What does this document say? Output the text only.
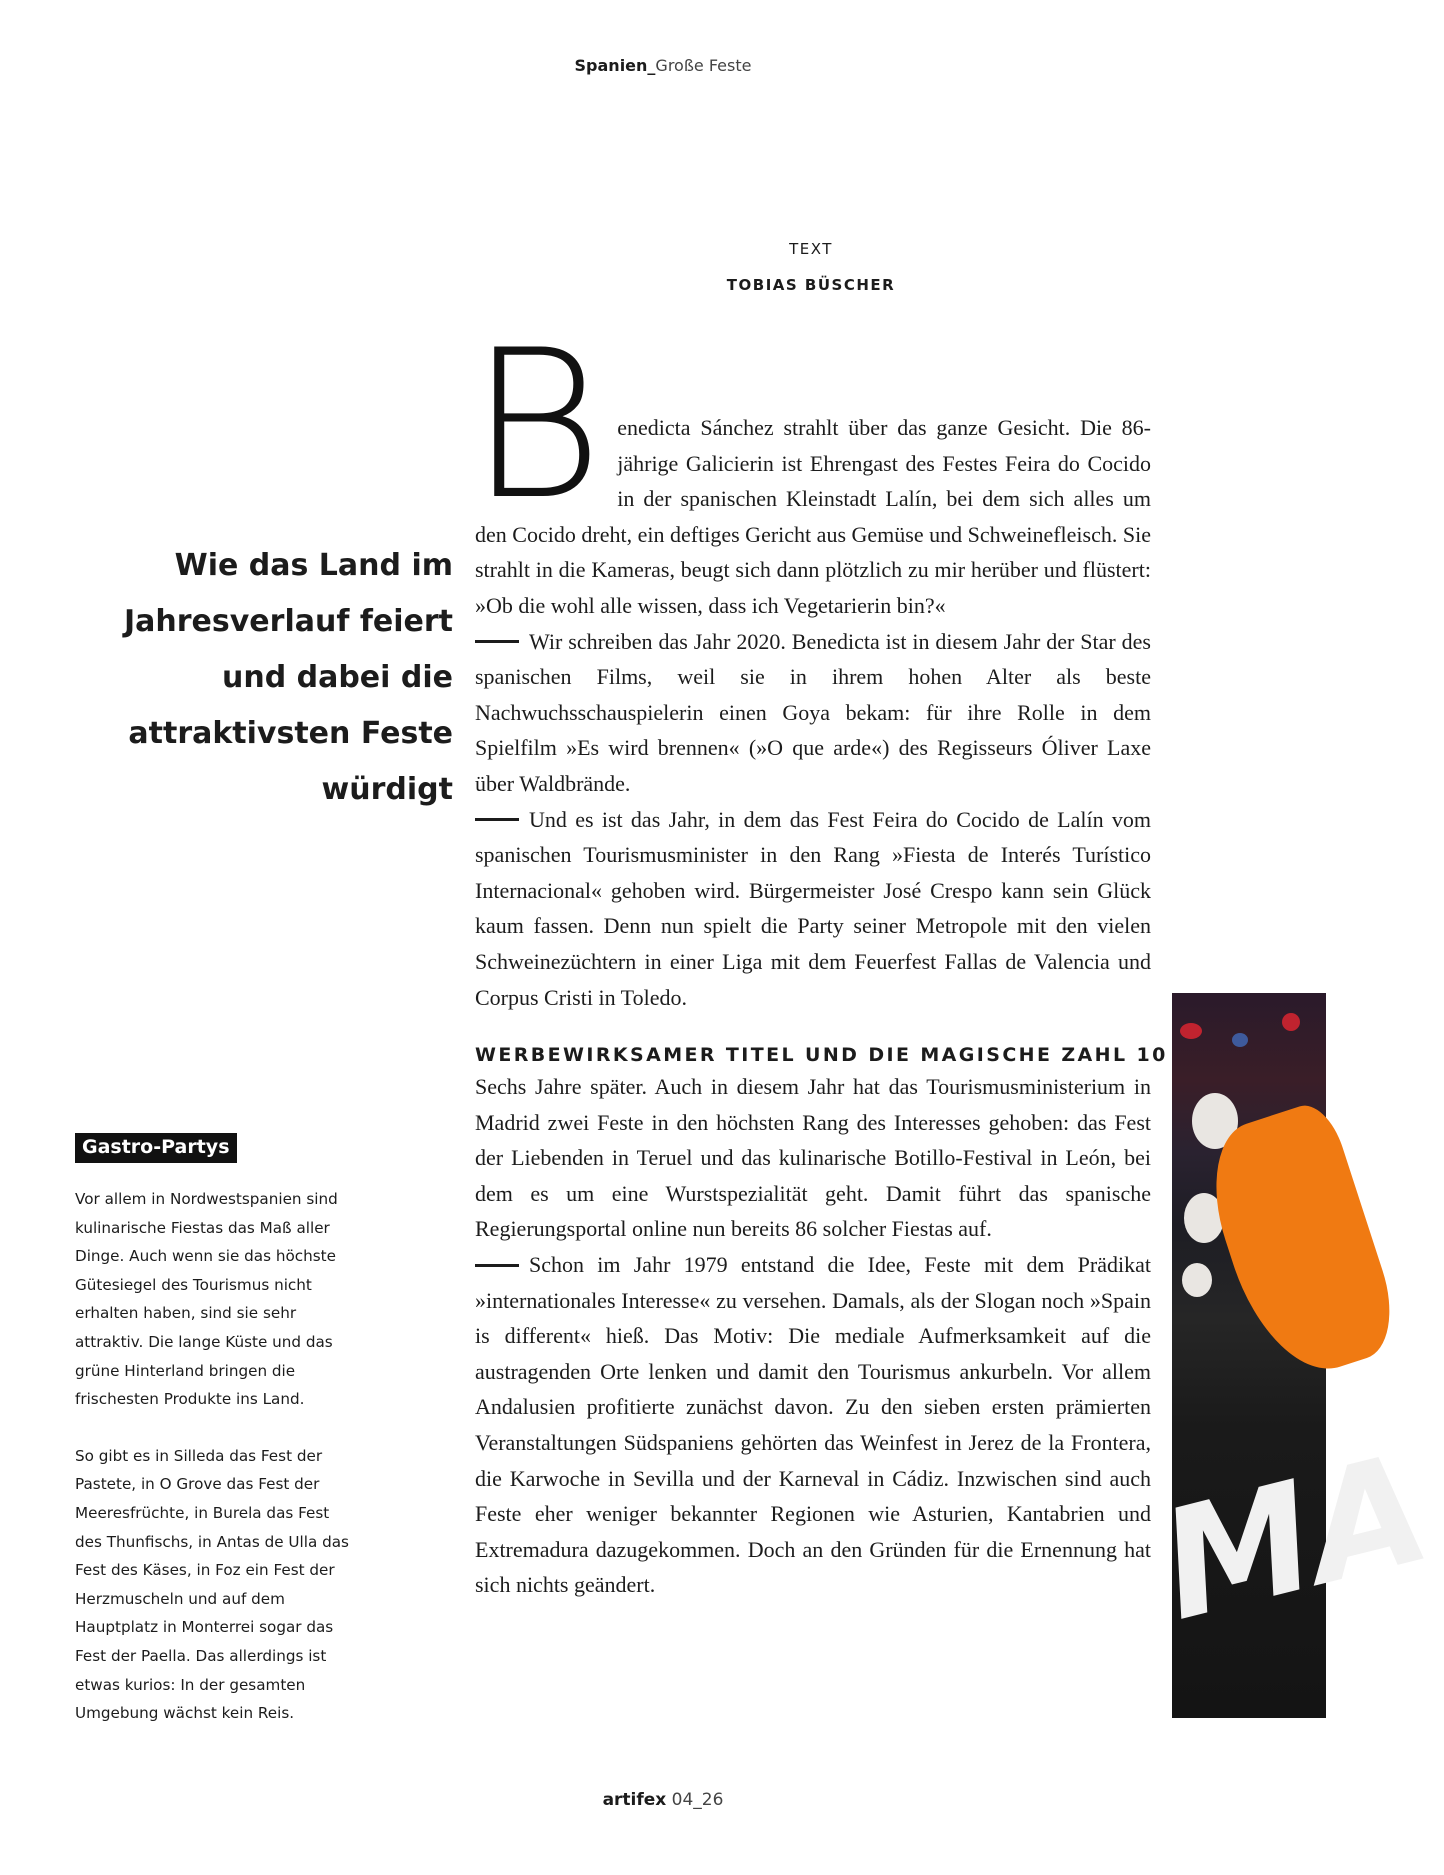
Spanien_Große Feste
TEXT
TOBIAS BÜSCHER
Wie das Land im Jahresverlauf feiert und dabei die attraktivsten Feste würdigt
B enedicta Sánchez strahlt über das ganze Gesicht. Die 86-jährige Galicierin ist Ehrengast des Festes Feira do Cocido in der spanischen Kleinstadt Lalín, bei dem sich alles um den Cocido dreht, ein deftiges Gericht aus Gemüse und Schweinefleisch. Sie strahlt in die Kameras, beugt sich dann plötzlich zu mir herüber und flüstert: »Ob die wohl alle wissen, dass ich Vegetarierin bin?«

Wir schreiben das Jahr 2020. Benedicta ist in diesem Jahr der Star des spanischen Films, weil sie in ihrem hohen Alter als beste Nachwuchsschauspielerin einen Goya bekam: für ihre Rolle in dem Spielfilm »Es wird brennen« (»O que arde«) des Regisseurs Óliver Laxe über Waldbrände.

Und es ist das Jahr, in dem das Fest Feira do Cocido de Lalín vom spanischen Tourismusminister in den Rang »Fiesta de Interés Turístico Internacional« gehoben wird. Bürgermeister José Crespo kann sein Glück kaum fassen. Denn nun spielt die Party seiner Metropole mit den vielen Schweinezüchtern in einer Liga mit dem Feuerfest Fallas de Valencia und Corpus Cristi in Toledo.

WERBEWIRKSAMER TITEL UND DIE MAGISCHE ZAHL 10

Sechs Jahre später. Auch in diesem Jahr hat das Tourismusministerium in Madrid zwei Feste in den höchsten Rang des Interesses gehoben: das Fest der Liebenden in Teruel und das kulinarische Botillo-Festival in León, bei dem es um eine Wurstspezialität geht. Damit führt das spanische Regierungsportal online nun bereits 86 solcher Fiestas auf.

Schon im Jahr 1979 entstand die Idee, Feste mit dem Prädikat »internationales Interesse« zu versehen. Damals, als der Slogan noch »Spain is different« hieß. Das Motiv: Die mediale Aufmerksamkeit auf die austragenden Orte lenken und damit den Tourismus ankurbeln. Vor allem Andalusien profitierte zunächst davon. Zu den sieben ersten prämierten Veranstaltungen Südspaniens gehörten das Weinfest in Jerez de la Frontera, die Karwoche in Sevilla und der Karneval in Cádiz. Inzwischen sind auch Feste eher weniger bekannter Regionen wie Asturien, Kantabrien und Extremadura dazugekommen. Doch an den Gründen für die Ernennung hat sich nichts geändert.

Gastro-Partys

Vor allem in Nordwestspanien sind kulinarische Fiestas das Maß aller Dinge. Auch wenn sie das höchste Gütesiegel des Tourismus nicht erhalten haben, sind sie sehr attraktiv. Die lange Küste und das grüne Hinterland bringen die frischesten Produkte ins Land.

So gibt es in Silleda das Fest der Pastete, in O Grove das Fest der Meeresfrüchte, in Burela das Fest des Thunfischs, in Antas de Ulla das Fest des Käses, in Foz ein Fest der Herzmuscheln und auf dem Hauptplatz in Monterrei sogar das Fest der Paella. Das allerdings ist etwas kurios: In der gesamten Umgebung wächst kein Reis.

MA
artifex 04_26
